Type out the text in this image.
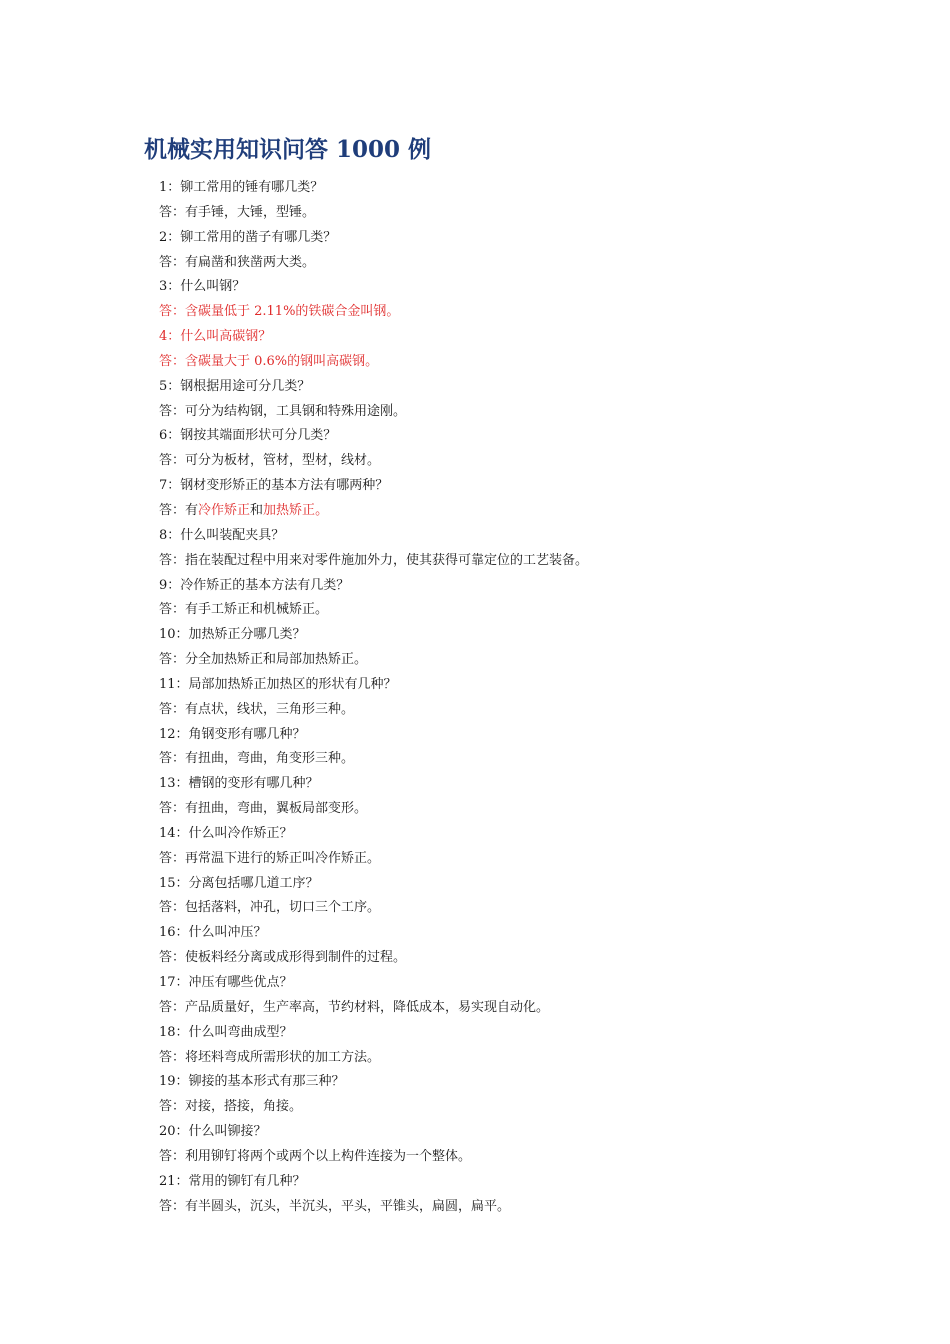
机械实用知识问答 1000 例
1：铆工常用的锤有哪几类？
答：有手锤，大锤，型锤。
2：铆工常用的凿子有哪几类？
答：有扁凿和狭凿两大类。
3：什么叫钢？
答：含碳量低于 2.11%的铁碳合金叫钢。
4：什么叫高碳钢？
答：含碳量大于 0.6%的钢叫高碳钢。
5：钢根据用途可分几类？
答：可分为结构钢，工具钢和特殊用途刚。
6：钢按其端面形状可分几类？
答：可分为板材，管材，型材，线材。
7：钢材变形矫正的基本方法有哪两种？
答：有冷作矫正和加热矫正。
8：什么叫装配夹具？
答：指在装配过程中用来对零件施加外力，使其获得可靠定位的工艺装备。
9：冷作矫正的基本方法有几类？
答：有手工矫正和机械矫正。
10：加热矫正分哪几类？
答：分全加热矫正和局部加热矫正。
11：局部加热矫正加热区的形状有几种？
答：有点状，线状，三角形三种。
12：角钢变形有哪几种？
答：有扭曲，弯曲，角变形三种。
13：槽钢的变形有哪几种？
答：有扭曲，弯曲，翼板局部变形。
14：什么叫冷作矫正？
答：再常温下进行的矫正叫冷作矫正。
15：分离包括哪几道工序？
答：包括落料，冲孔，切口三个工序。
16：什么叫冲压？
答：使板料经分离或成形得到制件的过程。
17：冲压有哪些优点？
答：产品质量好，生产率高，节约材料，降低成本，易实现自动化。
18：什么叫弯曲成型？
答：将坯料弯成所需形状的加工方法。
19：铆接的基本形式有那三种？
答：对接，搭接，角接。
20：什么叫铆接？
答：利用铆钉将两个或两个以上构件连接为一个整体。
21：常用的铆钉有几种？
答：有半圆头，沉头，半沉头，平头，平锥头，扁圆，扁平。
